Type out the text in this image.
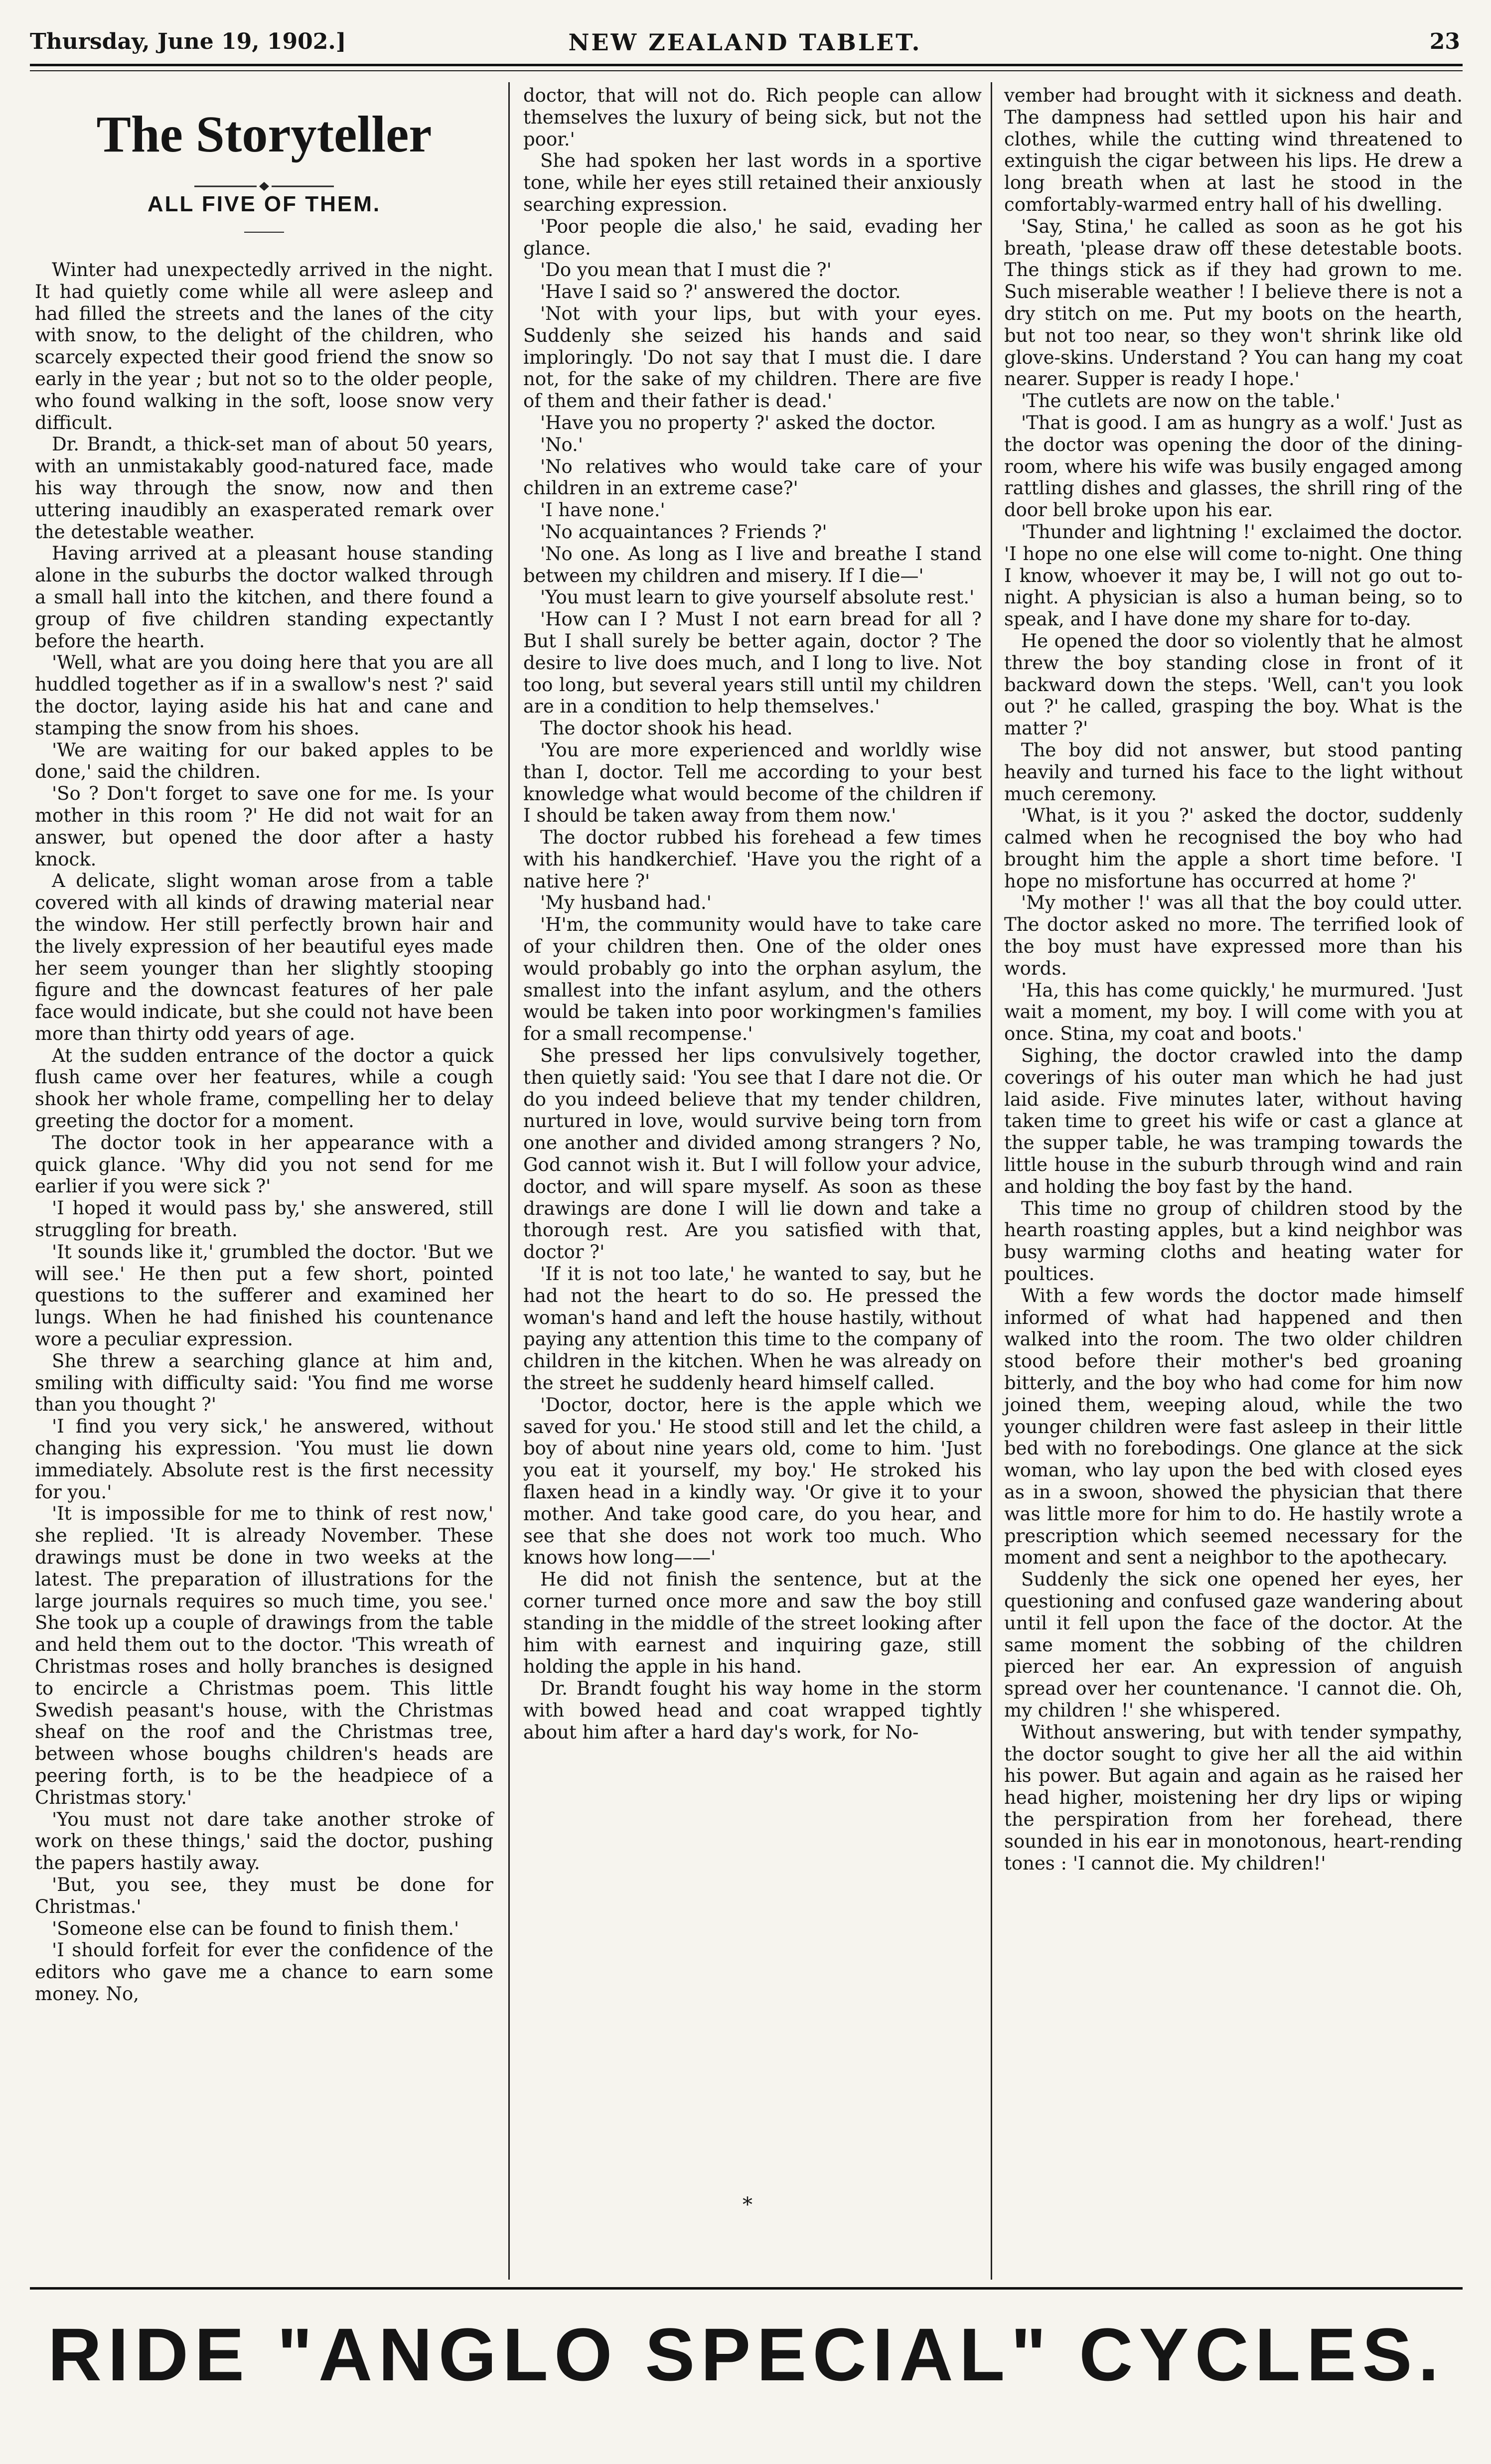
Thursday, June 19, 1902.]	NEW ZEALAND TABLET.	23
The Storyteller
ALL FIVE OF THEM.

Winter had unexpectedly arrived in the night. It had quietly come while all were asleep and had filled the streets and the lanes of the city with snow, to the delight of the children, who scarcely expected their good friend the snow so early in the year ; but not so to the older people, who found walking in the soft, loose snow very difficult.

Dr. Brandt, a thick-set man of about 50 years, with an unmistakably good-natured face, made his way through the snow, now and then uttering inaudibly an exasperated remark over the detestable weather.

Having arrived at a pleasant house standing alone in the suburbs the doctor walked through a small hall into the kitchen, and there found a group of five children standing expectantly before the hearth.

'Well, what are you doing here that you are all huddled together as if in a swallow's nest ?' said the doctor, laying aside his hat and cane and stamping the snow from his shoes.

'We are waiting for our baked apples to be done,' said the children.

'So ? Don't forget to save one for me. Is your mother in this room ?' He did not wait for an answer, but opened the door after a hasty knock.

A delicate, slight woman arose from a table covered with all kinds of drawing material near the window. Her still perfectly brown hair and the lively expression of her beautiful eyes made her seem younger than her slightly stooping figure and the downcast features of her pale face would indicate, but she could not have been more than thirty odd years of age.

At the sudden entrance of the doctor a quick flush came over her features, while a cough shook her whole frame, compelling her to delay greeting the doctor for a moment.

The doctor took in her appearance with a quick glance. 'Why did you not send for me earlier if you were sick ?'

'I hoped it would pass by,' she answered, still struggling for breath.

'It sounds like it,' grumbled the doctor. 'But we will see.' He then put a few short, pointed questions to the sufferer and examined her lungs. When he had finished his countenance wore a peculiar expression.

She threw a searching glance at him and, smiling with difficulty said: 'You find me worse than you thought ?'

'I find you very sick,' he answered, without changing his expression. 'You must lie down immediately. Absolute rest is the first necessity for you.'

'It is impossible for me to think of rest now,' she replied. 'It is already November. These drawings must be done in two weeks at the latest. The preparation of illustrations for the large journals requires so much time, you see.' She took up a couple of drawings from the table and held them out to the doctor. 'This wreath of Christmas roses and holly branches is designed to encircle a Christmas poem. This little Swedish peasant's house, with the Christmas sheaf on the roof and the Christmas tree, between whose boughs children's heads are peering forth, is to be the headpiece of a Christmas story.'

'You must not dare take another stroke of work on these things,' said the doctor, pushing the papers hastily away.

'But, you see, they must be done for Christmas.'

'Someone else can be found to finish them.'

'I should forfeit for ever the confidence of the editors who gave me a chance to earn some money. No,

doctor, that will not do. Rich people can allow themselves the luxury of being sick, but not the poor.'

She had spoken her last words in a sportive tone, while her eyes still retained their anxiously searching expression.

'Poor people die also,' he said, evading her glance.

'Do you mean that I must die ?'

'Have I said so ?' answered the doctor.

'Not with your lips, but with your eyes. Suddenly she seized his hands and said imploringly. 'Do not say that I must die. I dare not, for the sake of my children. There are five of them and their father is dead.'

'Have you no property ?' asked the doctor.

'No.'

'No relatives who would take care of your children in an extreme case?'

'I have none.'

'No acquaintances ? Friends ?'

'No one. As long as I live and breathe I stand between my children and misery. If I die—'

'You must learn to give yourself absolute rest.'

'How can I ? Must I not earn bread for all ? But I shall surely be better again, doctor ? The desire to live does much, and I long to live. Not too long, but several years still until my children are in a condition to help themselves.'

The doctor shook his head.

'You are more experienced and worldly wise than I, doctor. Tell me according to your best knowledge what would become of the children if I should be taken away from them now.'

The doctor rubbed his forehead a few times with his handkerchief. 'Have you the right of a native here ?'

'My husband had.'

'H'm, the community would have to take care of your children then. One of the older ones would probably go into the orphan asylum, the smallest into the infant asylum, and the others would be taken into poor workingmen's families for a small recompense.'

She pressed her lips convulsively together, then quietly said: 'You see that I dare not die. Or do you indeed believe that my tender children, nurtured in love, would survive being torn from one another and divided among strangers ? No, God cannot wish it. But I will follow your advice, doctor, and will spare myself. As soon as these drawings are done I will lie down and take a thorough rest. Are you satisfied with that, doctor ?'

'If it is not too late,' he wanted to say, but he had not the heart to do so. He pressed the woman's hand and left the house hastily, without paying any attention this time to the company of children in the kitchen. When he was already on the street he suddenly heard himself called.

'Doctor, doctor, here is the apple which we saved for you.' He stood still and let the child, a boy of about nine years old, come to him. 'Just you eat it yourself, my boy.' He stroked his flaxen head in a kindly way. 'Or give it to your mother. And take good care, do you hear, and see that she does not work too much. Who knows how long——'

He did not finish the sentence, but at the corner turned once more and saw the boy still standing in the middle of the street looking after him with earnest and inquiring gaze, still holding the apple in his hand.

Dr. Brandt fought his way home in the storm with bowed head and coat wrapped tightly about him after a hard day's work, for No-

vember had brought with it sickness and death. The dampness had settled upon his hair and clothes, while the cutting wind threatened to extinguish the cigar between his lips. He drew a long breath when at last he stood in the comfortably-warmed entry hall of his dwelling.

'Say, Stina,' he called as soon as he got his breath, 'please draw off these detestable boots. The things stick as if they had grown to me. Such miserable weather ! I believe there is not a dry stitch on me. Put my boots on the hearth, but not too near, so they won't shrink like old glove-skins. Understand ? You can hang my coat nearer. Supper is ready I hope.'

'The cutlets are now on the table.'

'That is good. I am as hungry as a wolf.' Just as the doctor was opening the door of the dining-room, where his wife was busily engaged among rattling dishes and glasses, the shrill ring of the door bell broke upon his ear.

'Thunder and lightning !' exclaimed the doctor. 'I hope no one else will come to-night. One thing I know, whoever it may be, I will not go out to-night. A physician is also a human being, so to speak, and I have done my share for to-day.

He opened the door so violently that he almost threw the boy standing close in front of it backward down the steps. 'Well, can't you look out ?' he called, grasping the boy. What is the matter ?'

The boy did not answer, but stood panting heavily and turned his face to the light without much ceremony.

'What, is it you ?' asked the doctor, suddenly calmed when he recognised the boy who had brought him the apple a short time before. 'I hope no misfortune has occurred at home ?'

'My mother !' was all that the boy could utter. The doctor asked no more. The terrified look of the boy must have expressed more than his words.

'Ha, this has come quickly,' he murmured. 'Just wait a moment, my boy. I will come with you at once. Stina, my coat and boots.'

Sighing, the doctor crawled into the damp coverings of his outer man which he had just laid aside. Five minutes later, without having taken time to greet his wife or cast a glance at the supper table, he was tramping towards the little house in the suburb through wind and rain and holding the boy fast by the hand.

This time no group of children stood by the hearth roasting apples, but a kind neighbor was busy warming cloths and heating water for poultices.

With a few words the doctor made himself informed of what had happened and then walked into the room. The two older children stood before their mother's bed groaning bitterly, and the boy who had come for him now joined them, weeping aloud, while the two younger children were fast asleep in their little bed with no forebodings. One glance at the sick woman, who lay upon the bed with closed eyes as in a swoon, showed the physician that there was little more for him to do. He hastily wrote a prescription which seemed necessary for the moment and sent a neighbor to the apothecary.

Suddenly the sick one opened her eyes, her questioning and confused gaze wandering about until it fell upon the face of the doctor. At the same moment the sobbing of the children pierced her ear. An expression of anguish spread over her countenance. 'I cannot die. Oh, my children !' she whispered.

Without answering, but with tender sympathy, the doctor sought to give her all the aid within his power. But again and again as he raised her head higher, moistening her dry lips or wiping the perspiration from her forehead, there sounded in his ear in monotonous, heart-rending tones : 'I cannot die. My children!'

*
RIDE "ANGLO SPECIAL" CYCLES.
